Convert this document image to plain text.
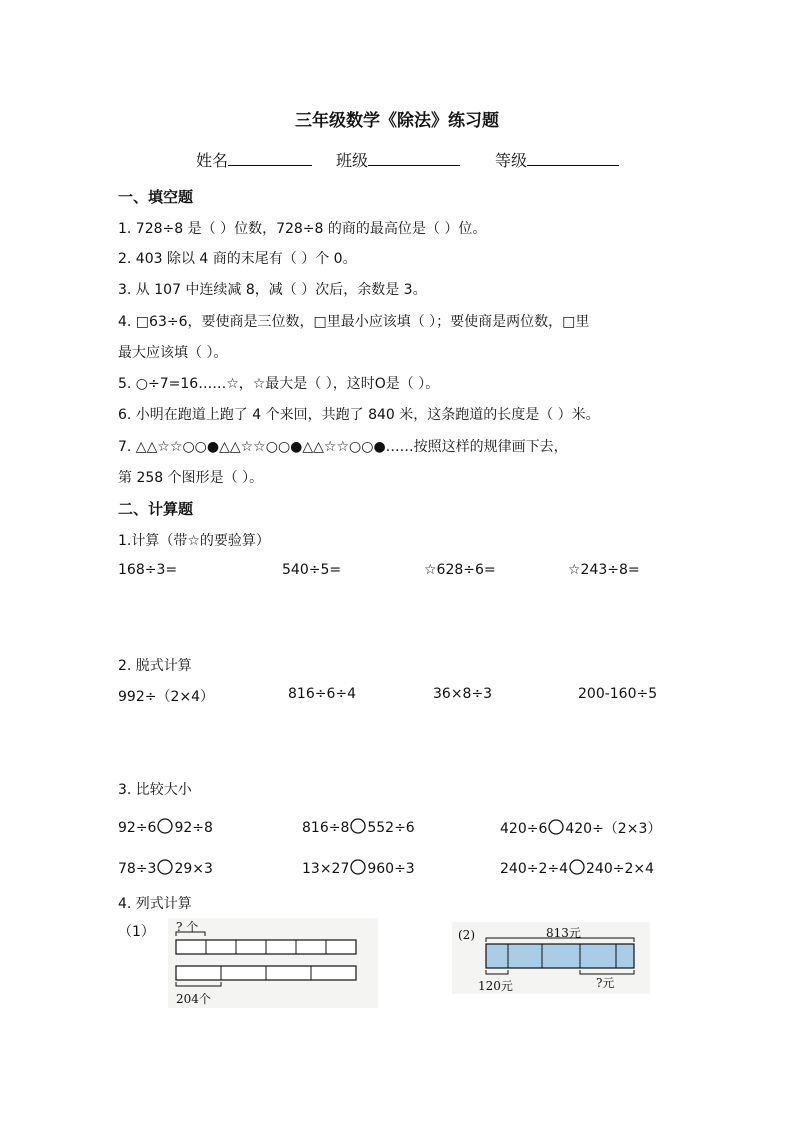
三年级数学《除法》练习题
姓名	班级	等级
一、填空题
1. 728÷8 是（ ）位数，728÷8 的商的最高位是（ ）位。
2. 403 除以 4 商的末尾有（ ）个 0。
3. 从 107 中连续减 8，减（ ）次后，余数是 3。
4. □63÷6，要使商是三位数，□里最小应该填（ ）；要使商是两位数，□里
最大应该填（ ）。
5. ○÷7=16……☆，☆最大是（ ），这时O是（ ）。
6. 小明在跑道上跑了 4 个来回，共跑了 840 米，这条跑道的长度是（ ）米。
7. △△☆☆○○●△△☆☆○○●△△☆☆○○●……按照这样的规律画下去，
第 258 个图形是（ ）。
二、计算题
1.计算（带☆的要验算）
168÷3=	540÷5=	☆628÷6=	☆243÷8=
2. 脱式计算
992÷（2×4）	816÷6÷4	36×8÷3	200-160÷5
3. 比较大小
92÷6 92÷8	816÷8 552÷6	420÷6 420÷（2×3）
78÷3 29×3	13×27 960÷3	240÷2÷4 240÷2×4
4. 列式计算
（1） ? 个
204个
(2)	813元
120元	?元
